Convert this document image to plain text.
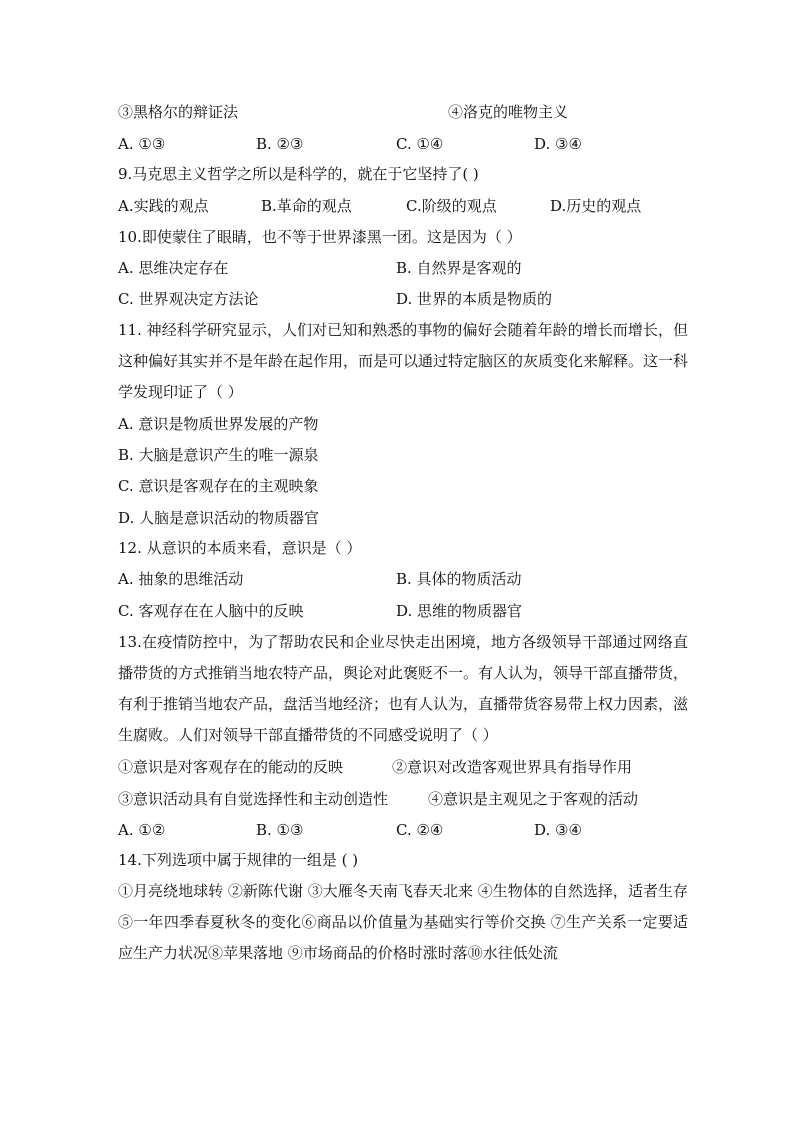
③黑格尔的辩证法	④洛克的唯物主义
A. ①③	B. ②③	C. ①④	D. ③④
9.马克思主义哲学之所以是科学的，就在于它坚持了( )
A.实践的观点	B.革命的观点	C.阶级的观点	D.历史的观点
10.即使蒙住了眼睛，也不等于世界漆黑一团。这是因为（ ）
A. 思维决定存在	B. 自然界是客观的
C. 世界观决定方法论	D. 世界的本质是物质的
11. 神经科学研究显示，人们对已知和熟悉的事物的偏好会随着年龄的增长而增长，但这种偏好其实并不是年龄在起作用，而是可以通过特定脑区的灰质变化来解释。这一科学发现印证了（ ）
A. 意识是物质世界发展的产物
B. 大脑是意识产生的唯一源泉
C. 意识是客观存在的主观映象
D. 人脑是意识活动的物质器官
12. 从意识的本质来看，意识是（ ）
A. 抽象的思维活动	B. 具体的物质活动
C. 客观存在在人脑中的反映	D. 思维的物质器官
13.在疫情防控中，为了帮助农民和企业尽快走出困境，地方各级领导干部通过网络直播带货的方式推销当地农特产品，舆论对此褒贬不一。有人认为，领导干部直播带货，有利于推销当地农产品，盘活当地经济；也有人认为，直播带货容易带上权力因素，滋生腐败。人们对领导干部直播带货的不同感受说明了（ ）
①意识是对客观存在的能动的反映	②意识对改造客观世界具有指导作用
③意识活动具有自觉选择性和主动创造性	④意识是主观见之于客观的活动
A. ①②	B. ①③	C. ②④	D. ③④
14.下列选项中属于规律的一组是 ( )
①月亮绕地球转 ②新陈代谢 ③大雁冬天南飞春天北来 ④生物体的自然选择，适者生存 ⑤一年四季春夏秋冬的变化⑥商品以价值量为基础实行等价交换 ⑦生产关系一定要适应生产力状况⑧苹果落地 ⑨市场商品的价格时涨时落⑩水往低处流
